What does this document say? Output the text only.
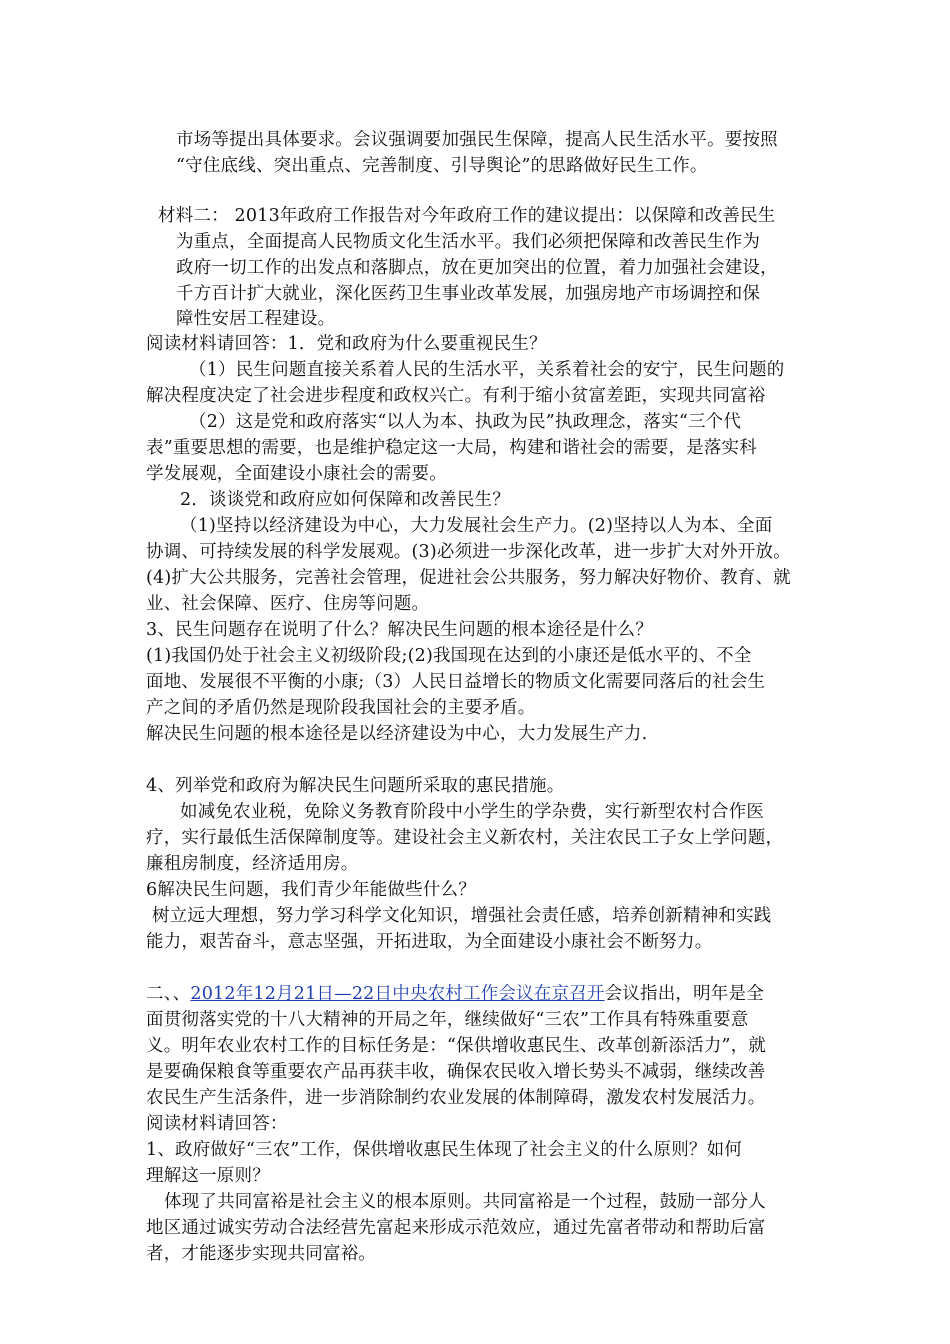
市场等提出具体要求。会议强调要加强民生保障，提高人民生活水平。要按照
“守住底线、突出重点、完善制度、引导舆论”的思路做好民生工作。
材料二： 2013年政府工作报告对今年政府工作的建议提出：以保障和改善民生
为重点，全面提高人民物质文化生活水平。我们必须把保障和改善民生作为
政府一切工作的出发点和落脚点，放在更加突出的位置，着力加强社会建设，
千方百计扩大就业，深化医药卫生事业改革发展，加强房地产市场调控和保
障性安居工程建设。
阅读材料请回答：1．党和政府为什么要重视民生？
（1）民生问题直接关系着人民的生活水平，关系着社会的安宁，民生问题的
解决程度决定了社会进步程度和政权兴亡。有利于缩小贫富差距，实现共同富裕
（2）这是党和政府落实“以人为本、执政为民”执政理念，落实“三个代
表”重要思想的需要，也是维护稳定这一大局，构建和谐社会的需要，是落实科
学发展观，全面建设小康社会的需要。
2．谈谈党和政府应如何保障和改善民生？
（1)坚持以经济建设为中心，大力发展社会生产力。(2)坚持以人为本、全面
协调、可持续发展的科学发展观。(3)必须进一步深化改革，进一步扩大对外开放。
(4)扩大公共服务，完善社会管理，促进社会公共服务，努力解决好物价、教育、就
业、社会保障、医疗、住房等问题。
3、民生问题存在说明了什么？解决民生问题的根本途径是什么？
(1)我国仍处于社会主义初级阶段;(2)我国现在达到的小康还是低水平的、不全
面地、发展很不平衡的小康;（3）人民日益增长的物质文化需要同落后的社会生
产之间的矛盾仍然是现阶段我国社会的主要矛盾。
解决民生问题的根本途径是以经济建设为中心，大力发展生产力.
4、列举党和政府为解决民生问题所采取的惠民措施。
如减免农业税，免除义务教育阶段中小学生的学杂费，实行新型农村合作医
疗，实行最低生活保障制度等。建设社会主义新农村，关注农民工子女上学问题，
廉租房制度，经济适用房。
6解决民生问题，我们青少年能做些什么？
树立远大理想，努力学习科学文化知识，增强社会责任感，培养创新精神和实践
能力，艰苦奋斗，意志坚强，开拓进取，为全面建设小康社会不断努力。
二、、2012年12月21日—22日中央农村工作会议在京召开会议指出，明年是全
面贯彻落实党的十八大精神的开局之年，继续做好“三农”工作具有特殊重要意
义。明年农业农村工作的目标任务是：“保供增收惠民生、改革创新添活力”，就
是要确保粮食等重要农产品再获丰收，确保农民收入增长势头不减弱，继续改善
农民生产生活条件，进一步消除制约农业发展的体制障碍，激发农村发展活力。
阅读材料请回答：
1、政府做好“三农”工作，保供增收惠民生体现了社会主义的什么原则？如何
理解这一原则？
体现了共同富裕是社会主义的根本原则。共同富裕是一个过程，鼓励一部分人
地区通过诚实劳动合法经营先富起来形成示范效应，通过先富者带动和帮助后富
者，才能逐步实现共同富裕。
